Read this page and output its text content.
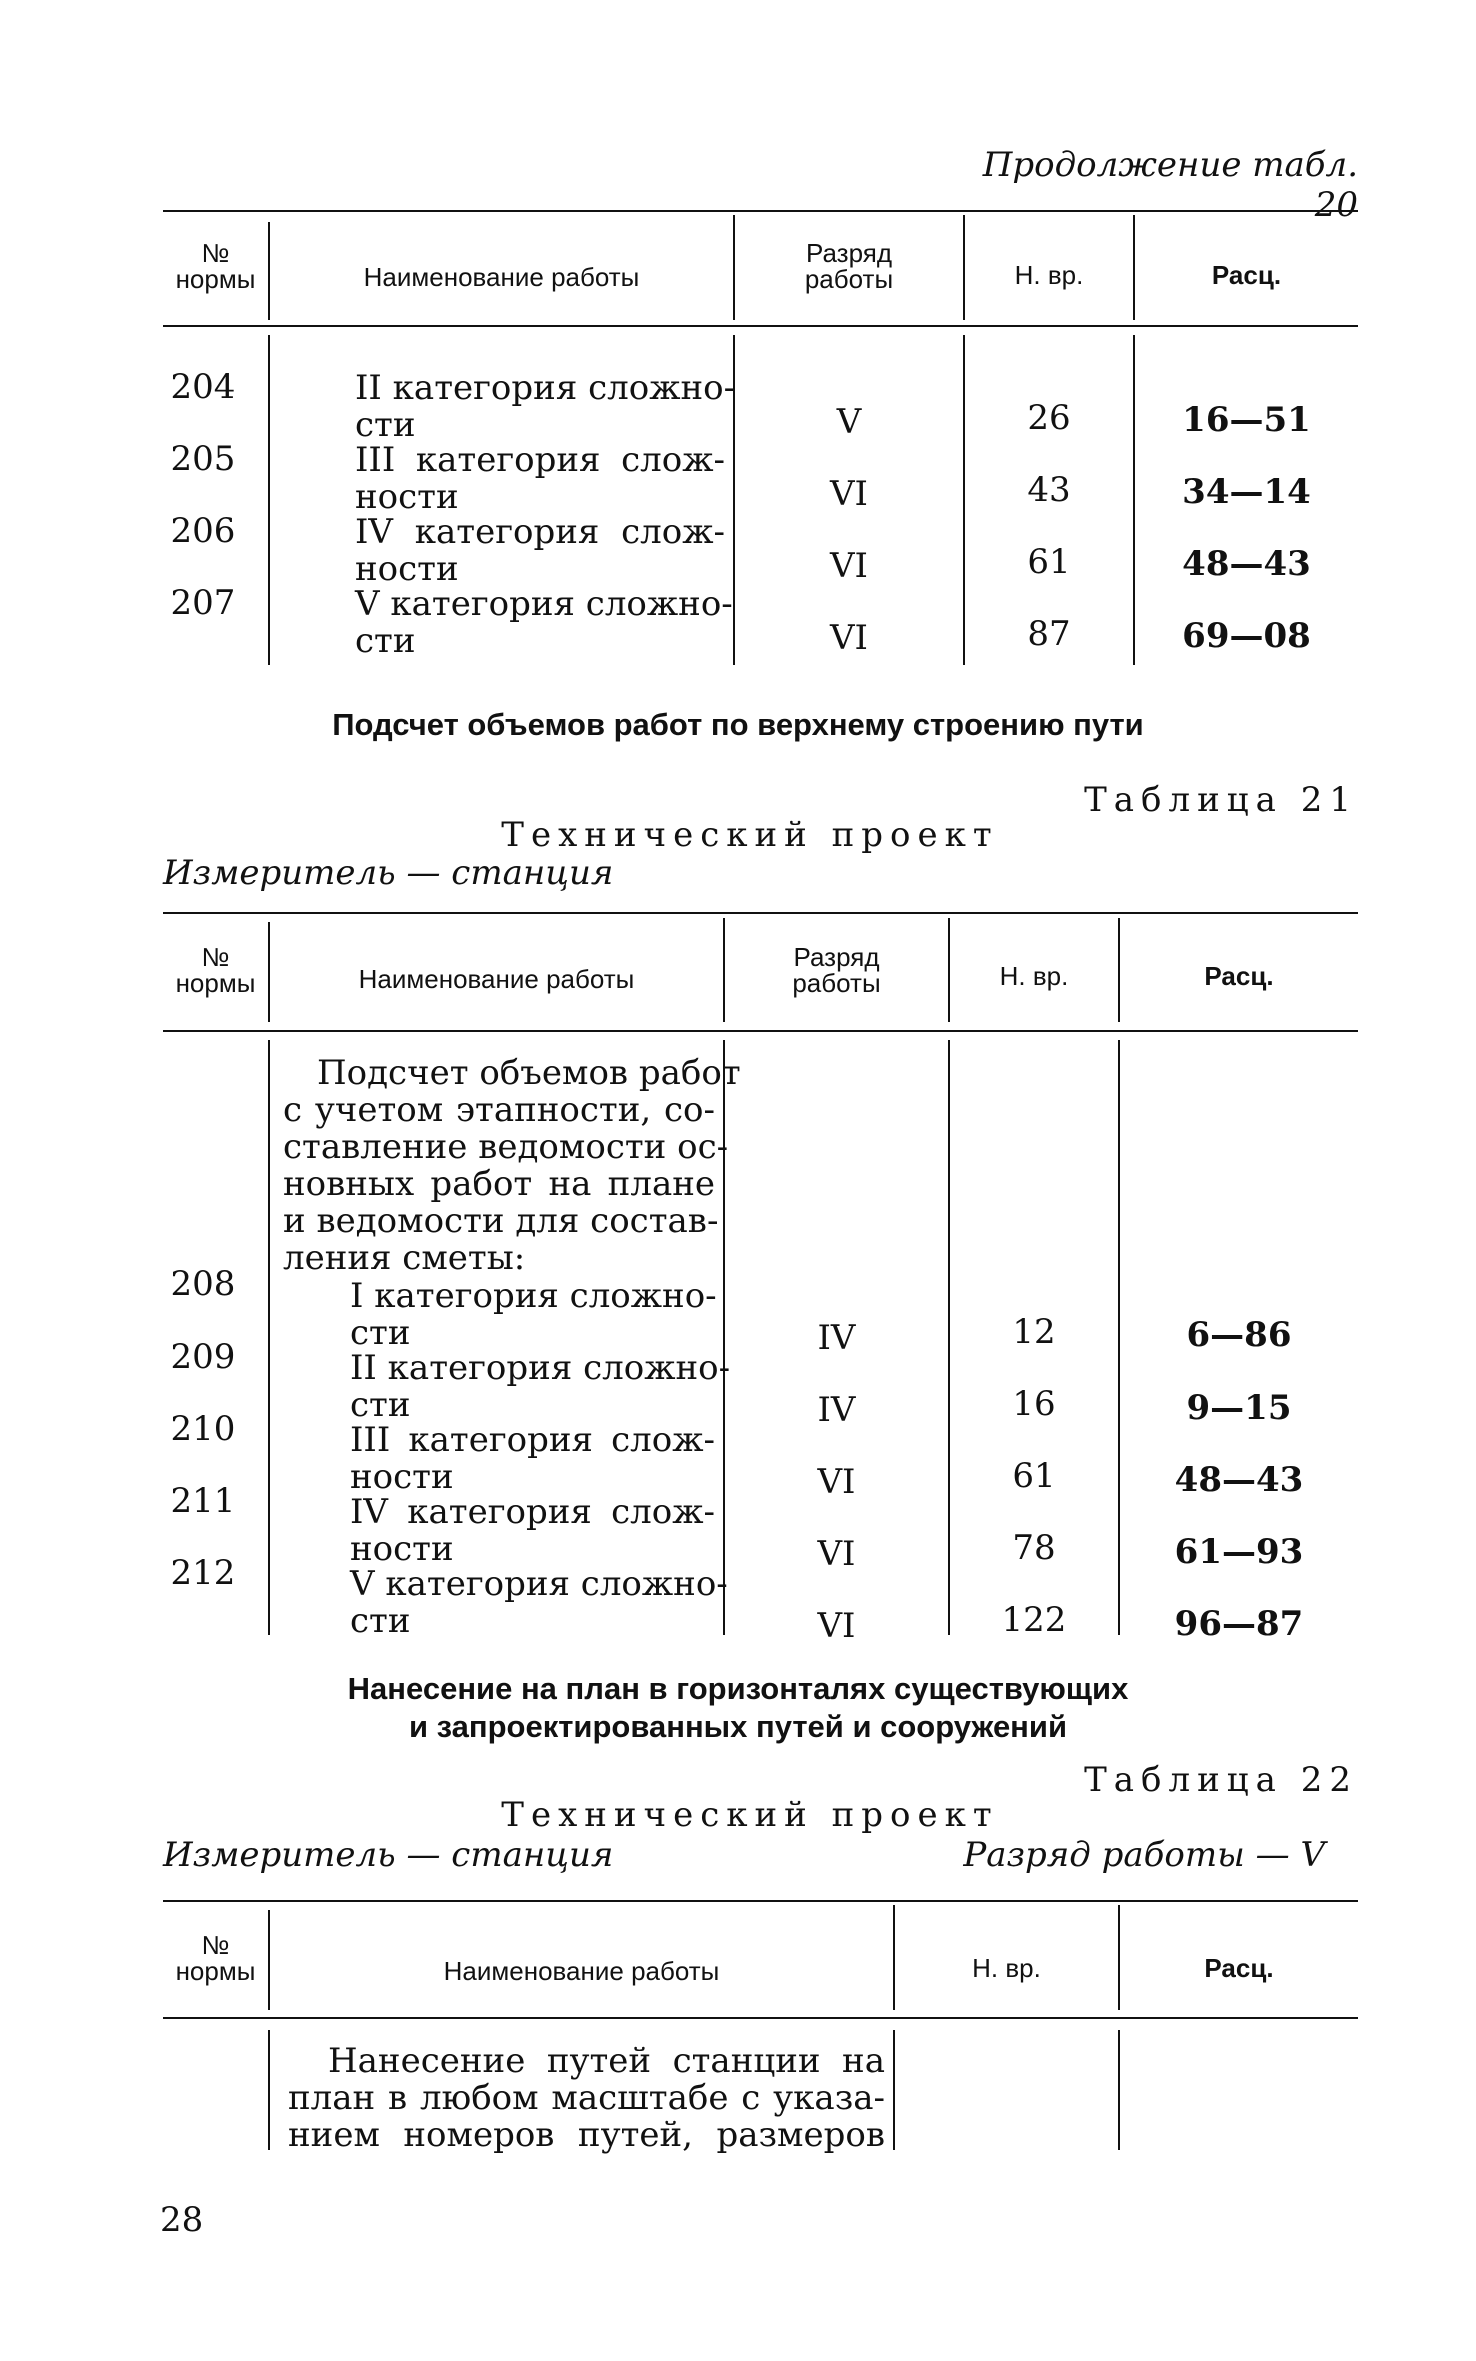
Продолжение табл. 20
№
нормы	Наименование работы
Разряд
работы	Н. вр.	Расц.
204	II категория сложно-
сти	V	26	16—51
205	III категория слож-
ности	VI	43	34—14
206	IV категория слож-
ности	VI	61	48—43
207	V категория сложно-
сти	VI	87	69—08
Подсчет объемов работ по верхнему строению пути
Таблица 21
Технический проект
Измеритель — станция
№
нормы	Наименование работы
Разряд
работы	Н. вр.	Расц.
Подсчет объемов работ
с учетом этапности, со-
ставление ведомости ос-
новных работ на плане
и ведомости для состав-
ления сметы:
208	I категория сложно-
сти	IV	12	6—86
209	II категория сложно-
сти	IV	16	9—15
210	III категория слож-
ности	VI	61	48—43
211	IV категория слож-
ности	VI	78	61—93
212	V категория сложно-
сти	VI	122	96—87
Нанесение на план в горизонталях существующих
и запроектированных путей и сооружений
Таблица 22
Технический проект
Измеритель — станция	Разряд работы — V
№
нормы	Наименование работы	Н. вр.	Расц.
Нанесение путей станции на
план в любом масштабе с указа-
нием номеров путей, размеров
28
